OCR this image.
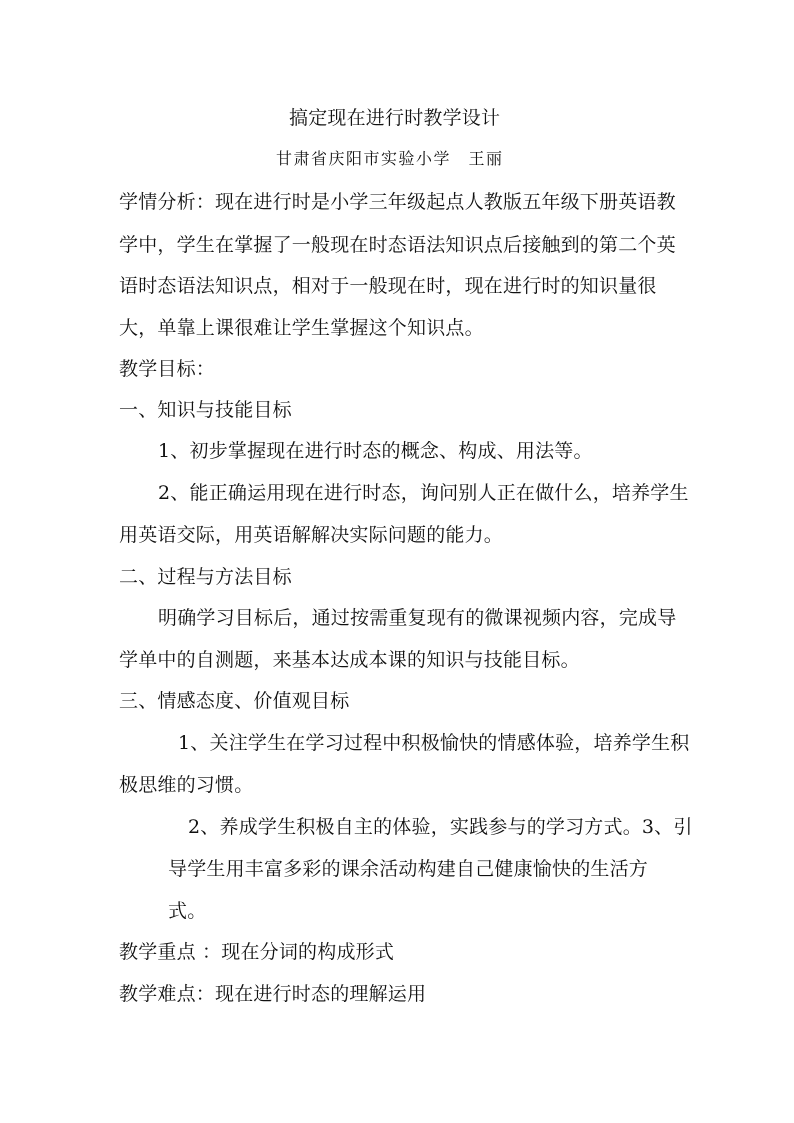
搞定现在进行时教学设计
甘肃省庆阳市实验小学　王丽
学情分析：现在进行时是小学三年级起点人教版五年级下册英语教
学中，学生在掌握了一般现在时态语法知识点后接触到的第二个英
语时态语法知识点，相对于一般现在时，现在进行时的知识量很
大，单靠上课很难让学生掌握这个知识点。
教学目标：
一、知识与技能目标
1、初步掌握现在进行时态的概念、构成、用法等。
2、能正确运用现在进行时态，询问别人正在做什么，培养学生
用英语交际，用英语解解决实际问题的能力。
二、过程与方法目标
明确学习目标后，通过按需重复现有的微课视频内容，完成导
学单中的自测题，来基本达成本课的知识与技能目标。
三、情感态度、价值观目标
1、关注学生在学习过程中积极愉快的情感体验，培养学生积
极思维的习惯。
2、养成学生积极自主的体验，实践参与的学习方式。3、引
导学生用丰富多彩的课余活动构建自己健康愉快的生活方
式。
教学重点 ：现在分词的构成形式
教学难点：现在进行时态的理解运用
